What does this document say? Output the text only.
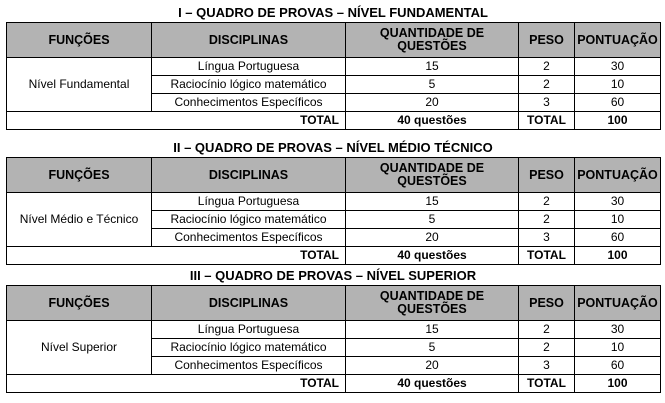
I – QUADRO DE PROVAS – NÍVEL FUNDAMENTAL
FUNÇÕES	DISCIPLINAS	QUANTIDADE DE QUESTÕES	PESO	PONTUAÇÃO
Nível Fundamental	Língua Portuguesa	15	2	30
	Raciocínio lógico matemático	5	2	10
	Conhecimentos Específicos	20	3	60
TOTAL		40 questões	TOTAL	100
II – QUADRO DE PROVAS – NÍVEL MÉDIO TÉCNICO
FUNÇÕES	DISCIPLINAS	QUANTIDADE DE QUESTÕES	PESO	PONTUAÇÃO
Nível Médio e Técnico	Língua Portuguesa	15	2	30
	Raciocínio lógico matemático	5	2	10
	Conhecimentos Específicos	20	3	60
TOTAL		40 questões	TOTAL	100
III – QUADRO DE PROVAS – NÍVEL SUPERIOR
FUNÇÕES	DISCIPLINAS	QUANTIDADE DE QUESTÕES	PESO	PONTUAÇÃO
Nível Superior	Língua Portuguesa	15	2	30
	Raciocínio lógico matemático	5	2	10
	Conhecimentos Específicos	20	3	60
TOTAL		40 questões	TOTAL	100
